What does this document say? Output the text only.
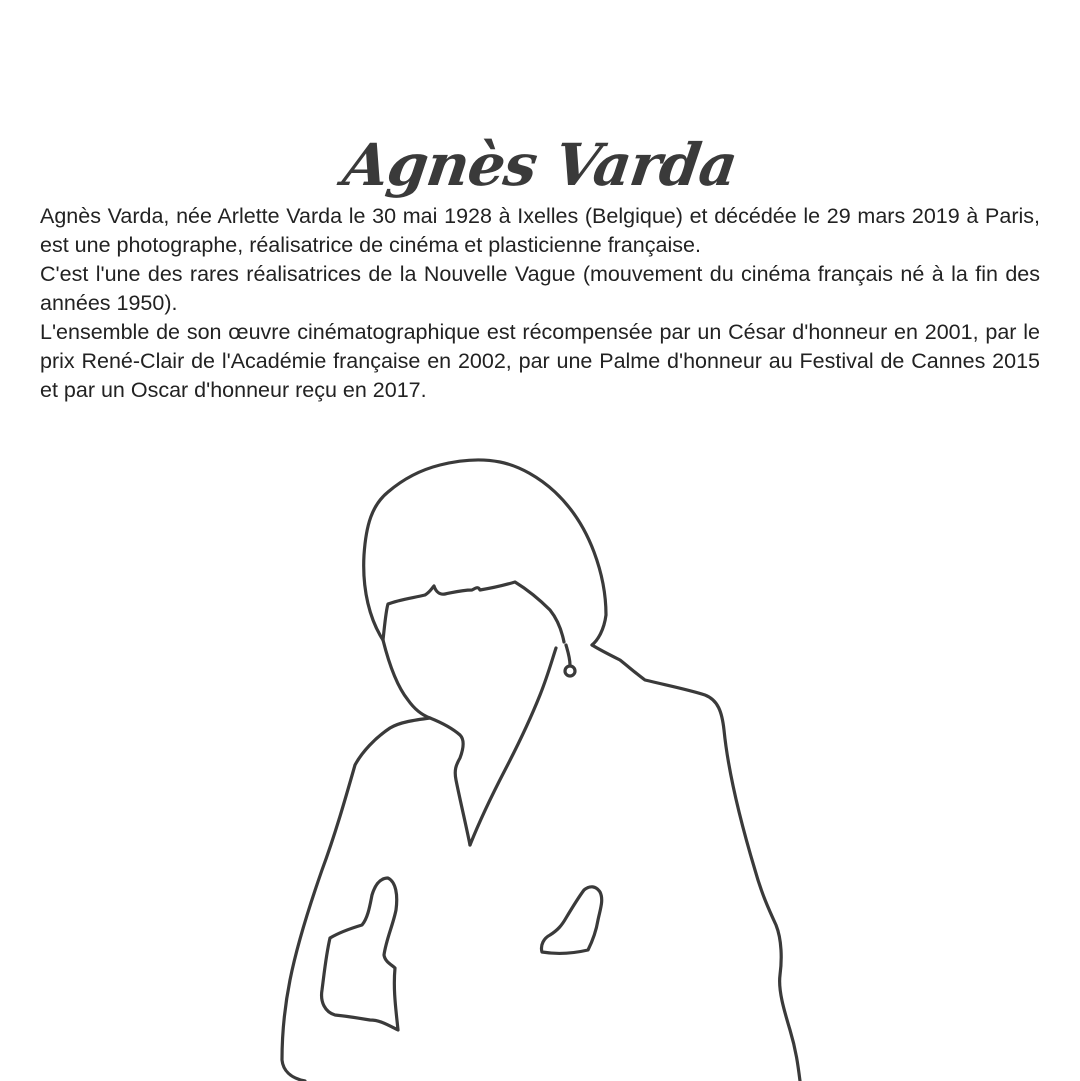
Agnès Varda

Agnès Varda, née Arlette Varda le 30 mai 1928 à Ixelles (Belgique) et décédée le 29 mars 2019 à Paris, est une photographe, réalisatrice de cinéma et plasticienne française.

C'est l'une des rares réalisatrices de la Nouvelle Vague (mouvement du cinéma français né à la fin des années 1950).

L'ensemble de son œuvre cinématographique est récompensée par un César d'honneur en 2001, par le prix René-Clair de l'Académie française en 2002, par une Palme d'honneur au Festival de Cannes 2015 et par un Oscar d'honneur reçu en 2017.
